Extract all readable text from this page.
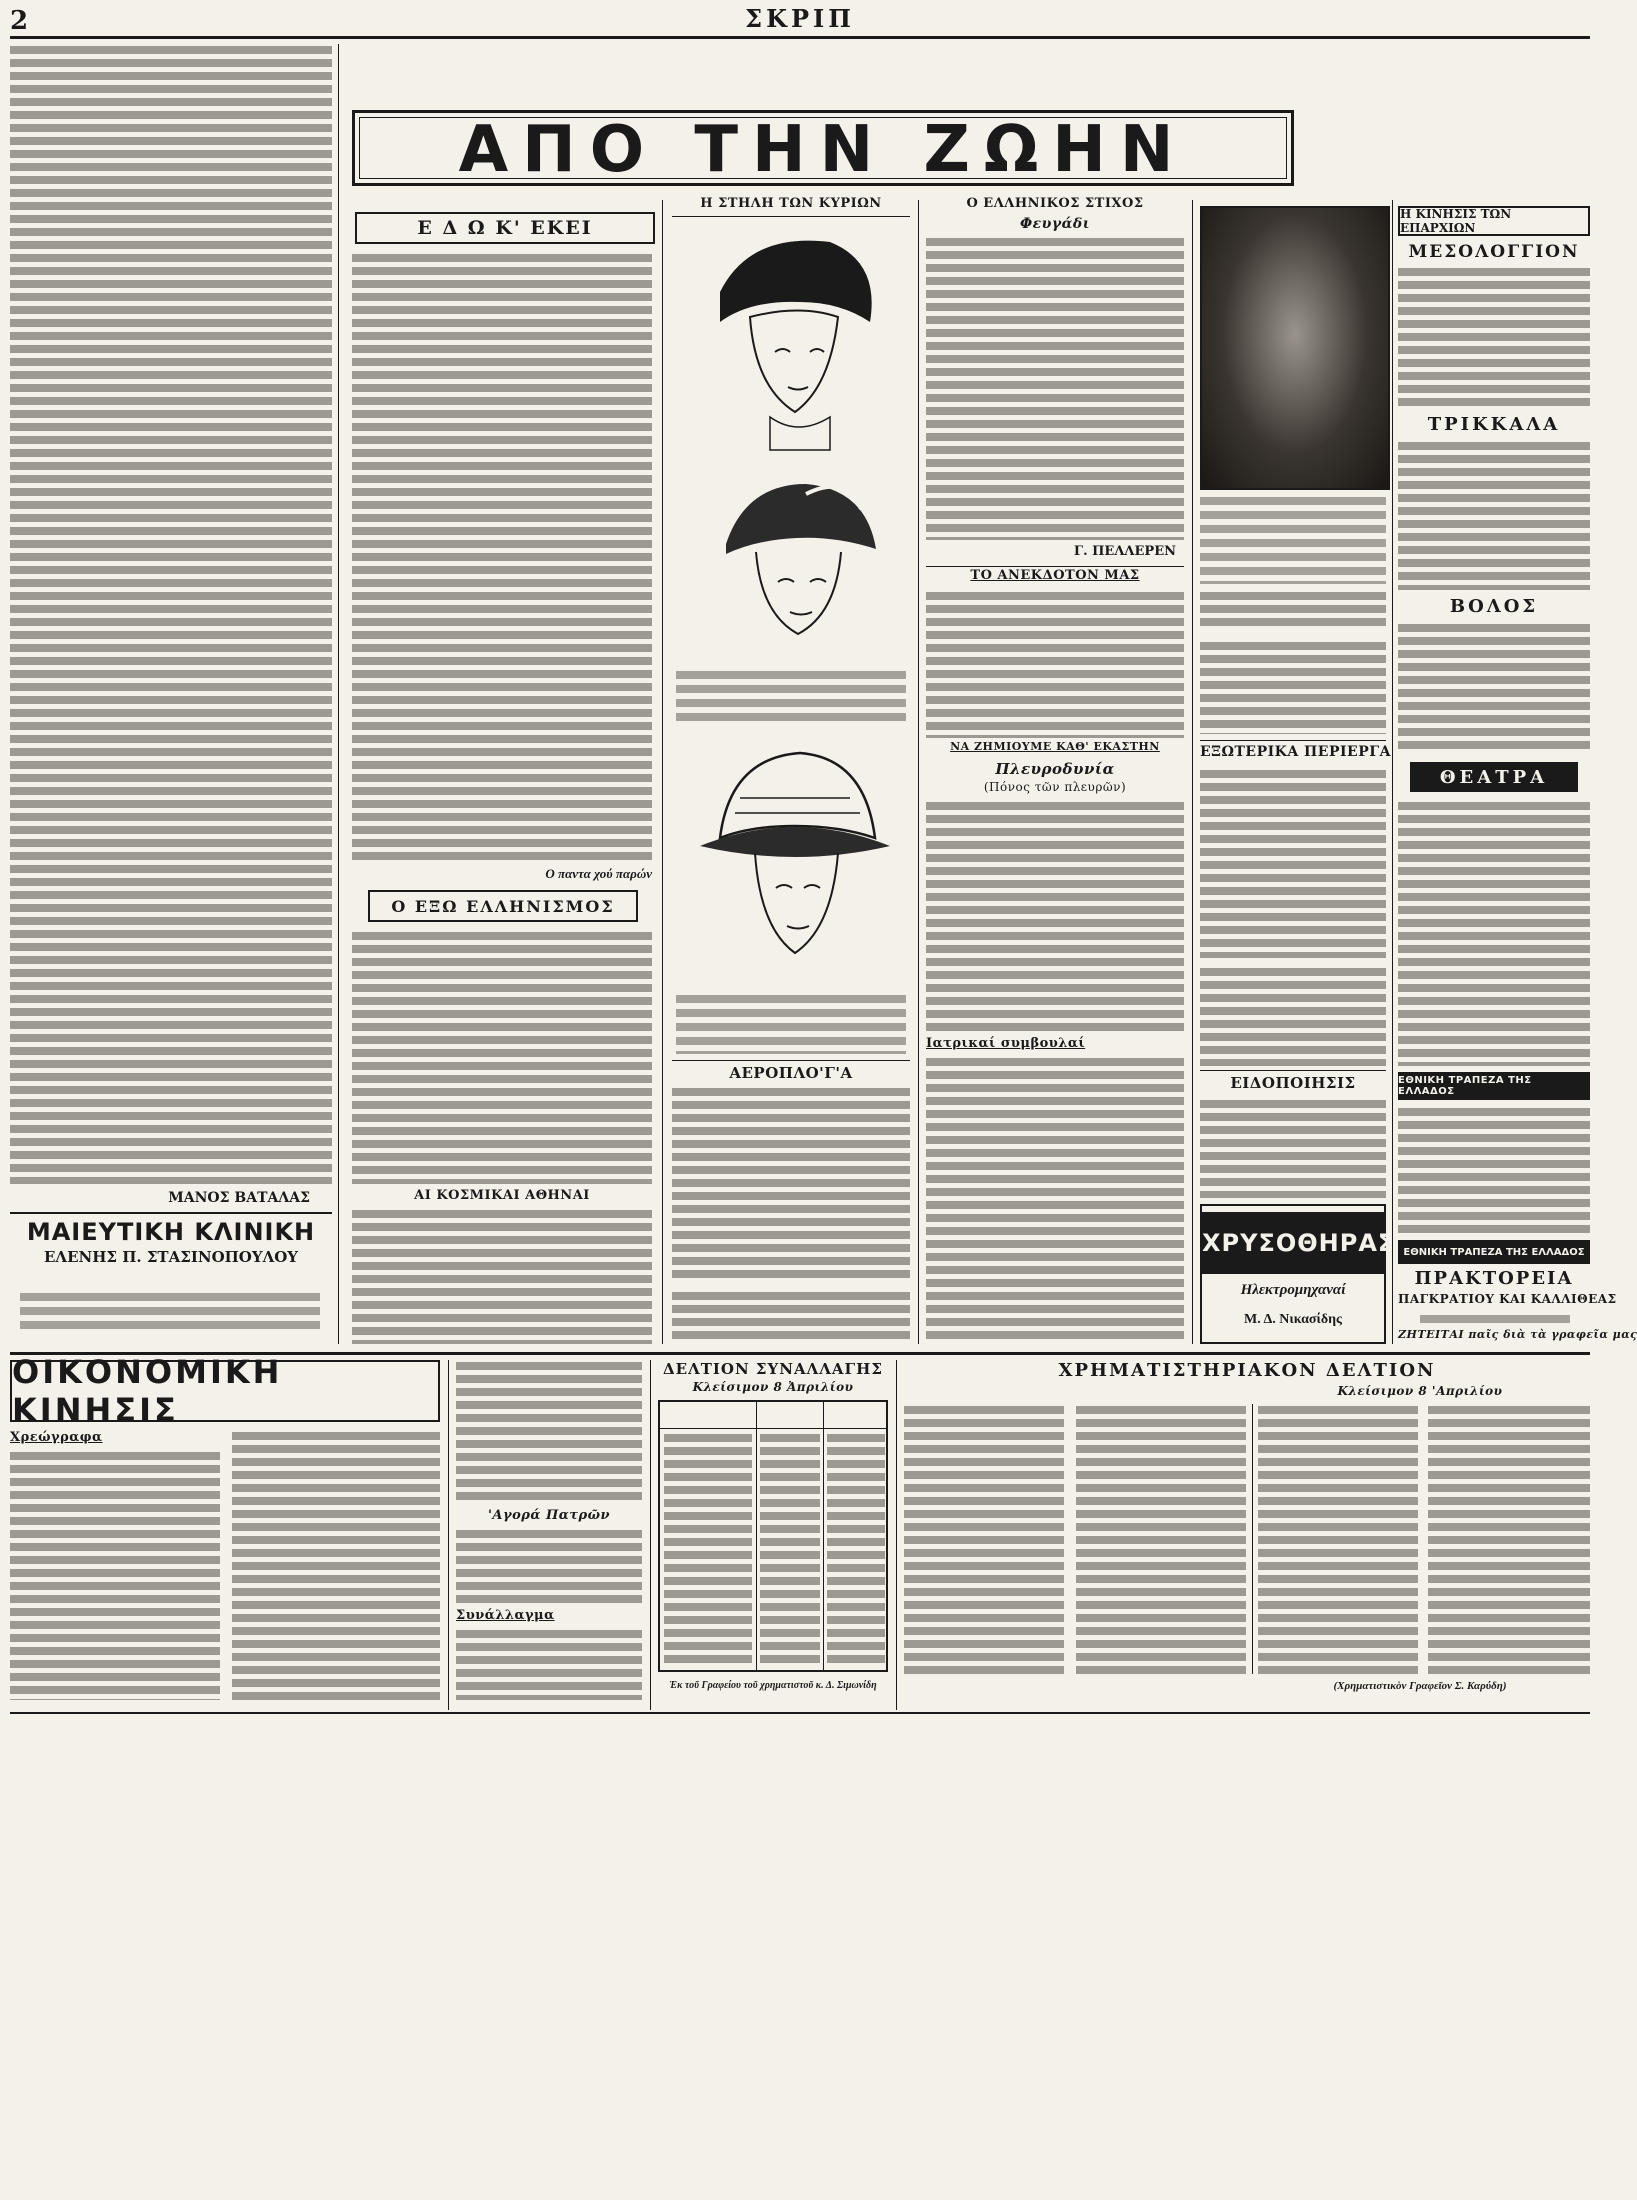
2	ΣΚΡΙΠ
ΑΠΟ ΤΗΝ ΖΩΗΝ
ΜΑΝΟΣ ΒΑΤΑΛΑΣ
ΜΑΙΕΥΤΙΚΗ ΚΛΙΝΙΚΗ
ΕΛΕΝΗΣ Π. ΣΤΑΣΙΝΟΠΟΥΛΟΥ
Ε Δ Ω Κ' ΕΚΕΙ
Ο παντα χού παρών
Ο ΕΞΩ ΕΛΛΗΝΙΣΜΟΣ
ΑΙ ΚΟΣΜΙΚΑΙ ΑΘΗΝΑΙ
Η ΣΤΗΛΗ ΤΩΝ ΚΥΡΙΩΝ
ΑΕΡΟΠΛΟ'Γ'Α
Ο ΕΛΛΗΝΙΚΟΣ ΣΤΙΧΟΣ
Φευγάδι
Γ. ΠΕΛΛΕΡΕΝ
ΤΟ ΑΝΕΚΔΟΤΟΝ ΜΑΣ
ΝΑ ΖΗΜΙΟΥΜΕ ΚΑΘ' ΕΚΑΣΤΗΝ
Πλευροδυνία
(Πόνος τῶν πλευρῶν)
Ιατρικαί συμβουλαί
ΕΞΩΤΕΡΙΚΑ ΠΕΡΙΕΡΓΑ
ΕΙΔΟΠΟΙΗΣΙΣ
ΧΡΥΣΟΘΗΡΑΣ
Ηλεκτρομηχαναί
Μ. Δ. Νικασίδης
Η ΚΙΝΗΣΙΣ ΤΩΝ ΕΠΑΡΧΙΩΝ
ΜΕΣΟΛΟΓΓΙΟΝ
ΤΡΙΚΚΑΛΑ
ΒΟΛΟΣ
ΘΕΑΤΡΑ
ΕΘΝΙΚΗ ΤΡΑΠΕΖΑ ΤΗΣ ΕΛΛΑΔΟΣ
ΕΘΝΙΚΗ ΤΡΑΠΕΖΑ ΤΗΣ ΕΛΛΑΔΟΣ
ΠΡΑΚΤΟΡΕΙΑ
ΠΑΓΚΡΑΤΙΟΥ ΚΑΙ ΚΑΛΛΙΘΕΑΣ
ΖΗΤΕΙΤΑΙ παῖς διὰ τὰ γραφεῖα μας
ΟΙΚΟΝΟΜΙΚΗ ΚΙΝΗΣΙΣ
Χρεώγραφα
'Αγορά Πατρῶν
Συνάλλαγμα
ΔΕΛΤΙΟΝ ΣΥΝΑΛΛΑΓΗΣ
Κλείσιμον 8 Ἀπριλίου
Ἐκ τοῦ Γραφείου τοῦ χρηματιστοῦ κ. Δ. Σιμωνίδη
ΧΡΗΜΑΤΙΣΤΗΡΙΑΚΟΝ ΔΕΛΤΙΟΝ
Κλείσιμον 8 'Απριλίου
(Χρηματιστικὸν Γραφεῖον Σ. Καρύδη)
